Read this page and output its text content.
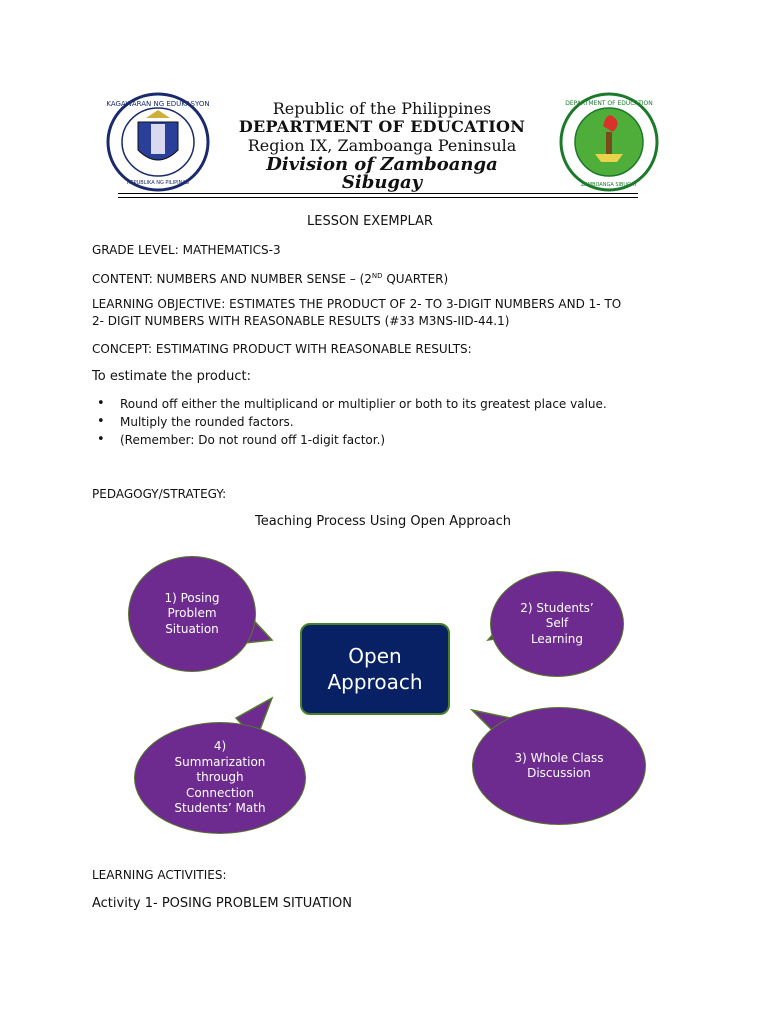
KAGAWARAN NG EDUKASYON
REPUBLIKA NG PILIPINAS
Republic of the Philippines
DEPARTMENT OF EDUCATION
Region IX, Zamboanga Peninsula
Division of Zamboanga Sibugay
DEPARTMENT OF EDUCATION
ZAMBOANGA SIBUGAY
LESSON EXEMPLAR
GRADE LEVEL: MATHEMATICS-3
CONTENT: NUMBERS AND NUMBER SENSE – (2ND QUARTER)
LEARNING OBJECTIVE: ESTIMATES THE PRODUCT OF 2- TO 3-DIGIT NUMBERS AND 1- TO
2- DIGIT NUMBERS WITH REASONABLE RESULTS (#33 M3NS-IID-44.1)
CONCEPT: ESTIMATING PRODUCT WITH REASONABLE RESULTS:
To estimate the product:
• Round off either the multiplicand or multiplier or both to its greatest place value.
• Multiply the rounded factors.
• (Remember: Do not round off 1-digit factor.)
PEDAGOGY/STRATEGY:
Teaching Process Using Open Approach
1) Posing
Problem
Situation
2) Students’
Self
Learning
3) Whole Class
Discussion
4)
Summarization
through
Connection
Students’ Math
Open
Approach
LEARNING ACTIVITIES:
Activity 1- POSING PROBLEM SITUATION
